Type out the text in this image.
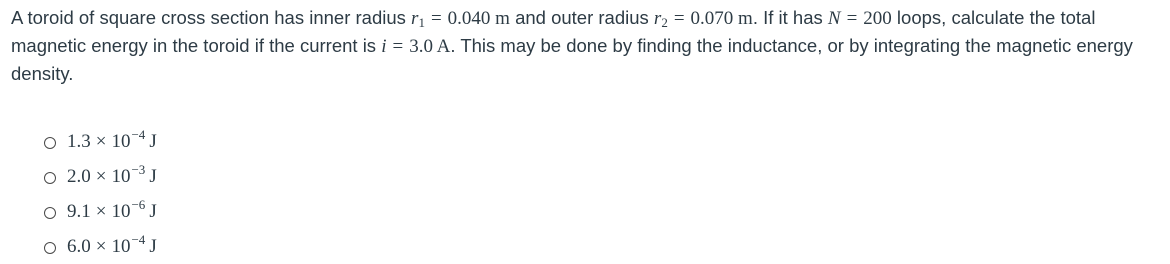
A toroid of square cross section has inner radius $r_1 = 0.040$ m and outer radius $r_2 = 0.070$ m. If it has N = 200 loops, calculate the total magnetic energy in the toroid if the current is i = 3.0 A. This may be done by finding the inductance, or by integrating the magnetic energy density.
$1.3 \times 10^{-4}$ J
$2.0 \times 10^{-3}$ J
$9.1 \times 10^{-6}$ J
$6.0 \times 10^{-4}$ J
